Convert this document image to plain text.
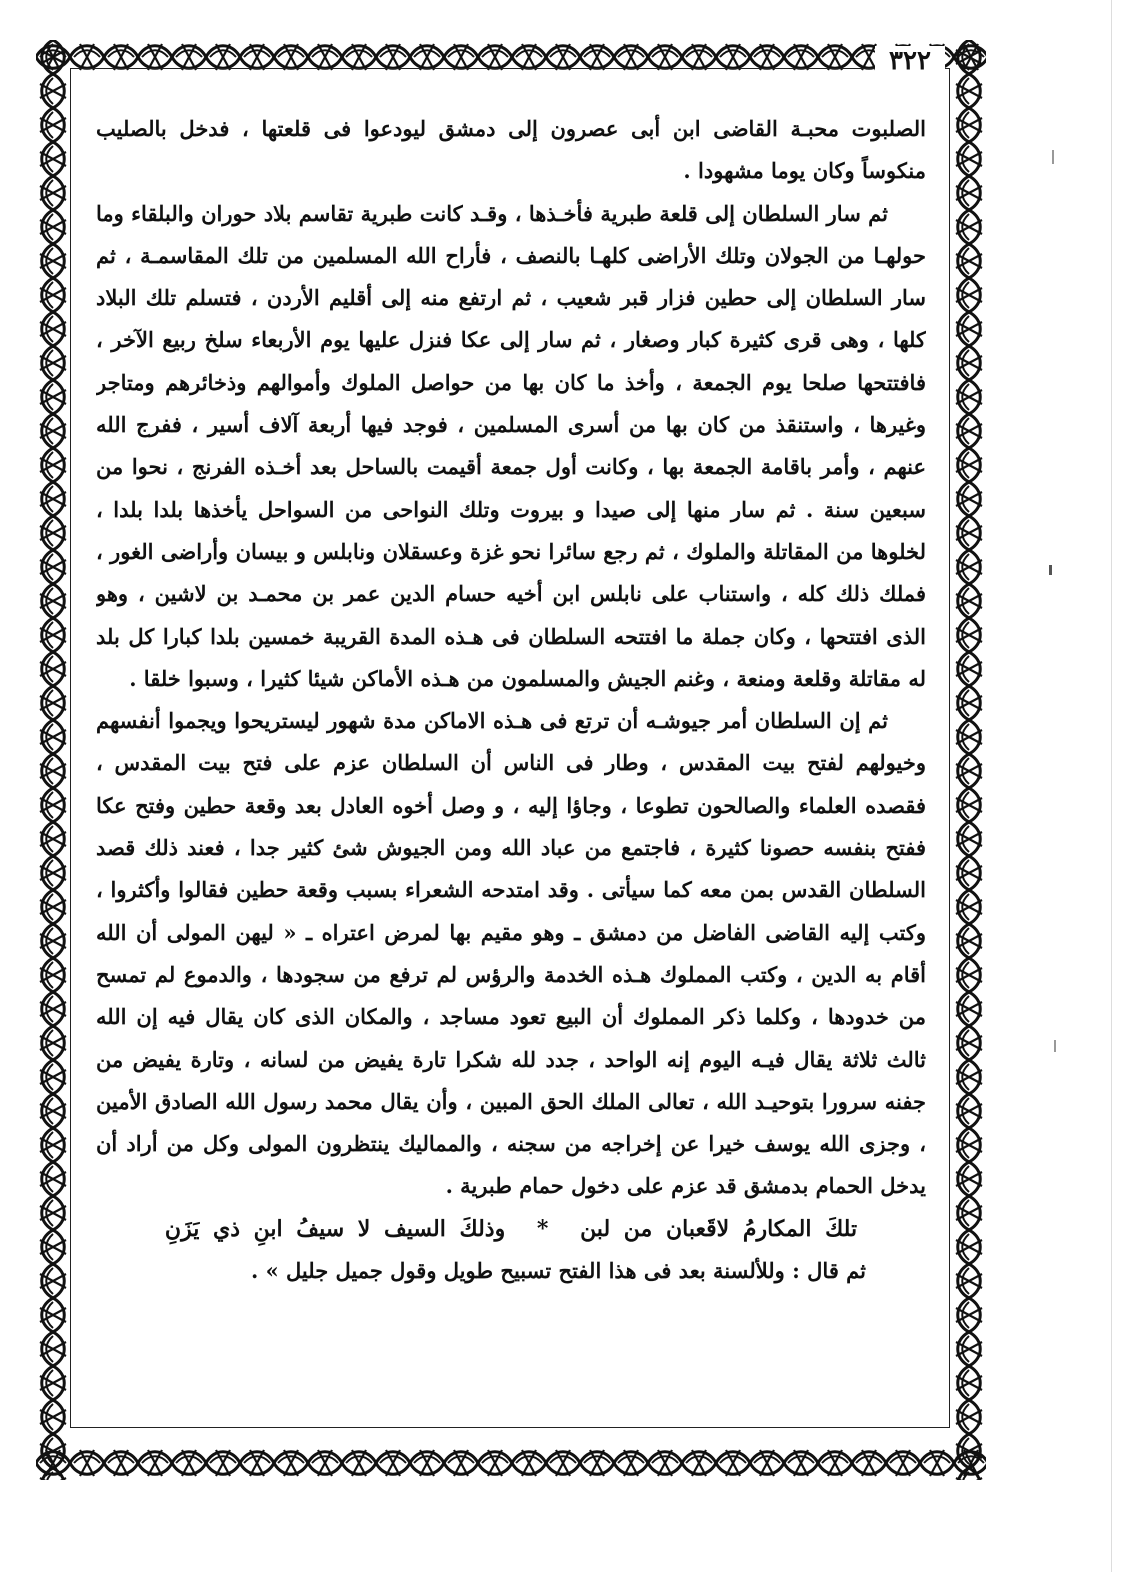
٣٢٢

الصلبوت محبـة القاضى ابن أبى عصرون إلى دمشق ليودعوا فى قلعتها ، فدخل بالصليب منكوساً وكان يوما مشهودا .

ثم سار السلطان إلى قلعة طبرية فأخـذها ، وقـد كانت طبرية تقاسم بلاد حوران والبلقاء وما حولهـا من الجولان وتلك الأراضى كلهـا بالنصف ، فأراح الله المسلمين من تلك المقاسمـة ، ثم سار السلطان إلى حطين فزار قبر شعيب ، ثم ارتفع منه إلى أقليم الأردن ، فتسلم تلك البلاد كلها ، وهى قرى كثيرة كبار وصغار ، ثم سار إلى عكا فنزل عليها يوم الأربعاء سلخ ربيع الآخر ، فافتتحها صلحا يوم الجمعة ، وأخذ ما كان بها من حواصل الملوك وأموالهم وذخائرهم ومتاجر وغيرها ، واستنقذ من كان بها من أسرى المسلمين ، فوجد فيها أربعة آلاف أسير ، ففرج الله عنهم ، وأمر باقامة الجمعة بها ، وكانت أول جمعة أقيمت بالساحل بعد أخـذه الفرنج ، نحوا من سبعين سنة . ثم سار منها إلى صيدا و بيروت وتلك النواحى من السواحل يأخذها بلدا بلدا ، لخلوها من المقاتلة والملوك ، ثم رجع سائرا نحو غزة وعسقلان ونابلس و بيسان وأراضى الغور ، فملك ذلك كله ، واستناب على نابلس ابن أخيه حسام الدين عمر بن محمـد بن لاشين ، وهو الذى افتتحها ، وكان جملة ما افتتحه السلطان فى هـذه المدة القريبة خمسين بلدا كبارا كل بلد له مقاتلة وقلعة ومنعة ، وغنم الجيش والمسلمون من هـذه الأماكن شيئا كثيرا ، وسبوا خلقا .

ثم إن السلطان أمر جيوشـه أن ترتع فى هـذه الاماكن مدة شهور ليستريحوا ويجموا أنفسهم وخيولهم لفتح بيت المقدس ، وطار فى الناس أن السلطان عزم على فتح بيت المقدس ، فقصده العلماء والصالحون تطوعا ، وجاؤا إليه ، و وصل أخوه العادل بعد وقعة حطين وفتح عكا ففتح بنفسه حصونا كثيرة ، فاجتمع من عباد الله ومن الجيوش شئ كثير جدا ، فعند ذلك قصد السلطان القدس بمن معه كما سيأتى . وقد امتدحه الشعراء بسبب وقعة حطين فقالوا وأكثروا ، وكتب إليه القاضى الفاضل من دمشق ـ وهو مقيم بها لمرض اعتراه ـ « ليهن المولى أن الله أقام به الدين ، وكتب المملوك هـذه الخدمة والرؤس لم ترفع من سجودها ، والدموع لم تمسح من خدودها ، وكلما ذكر المملوك أن البيع تعود مساجد ، والمكان الذى كان يقال فيه إن الله ثالث ثلاثة يقال فيـه اليوم إنه الواحد ، جدد لله شكرا تارة يفيض من لسانه ، وتارة يفيض من جفنه سرورا بتوحيـد الله ، تعالى الملك الحق المبين ، وأن يقال محمد رسول الله الصادق الأمين ، وجزى الله يوسف خيرا عن إخراجه من سجنه ، والمماليك ينتظرون المولى وكل من أراد أن يدخل الحمام بدمشق قد عزم على دخول حمام طبرية .

تلكَ المكارمُ لاقَعبان من لبن * وذلكَ السيف لا سيفُ ابنِ ذي يَزَنِ

ثم قال : وللألسنة بعد فى هذا الفتح تسبيح طويل وقول جميل جليل » .
